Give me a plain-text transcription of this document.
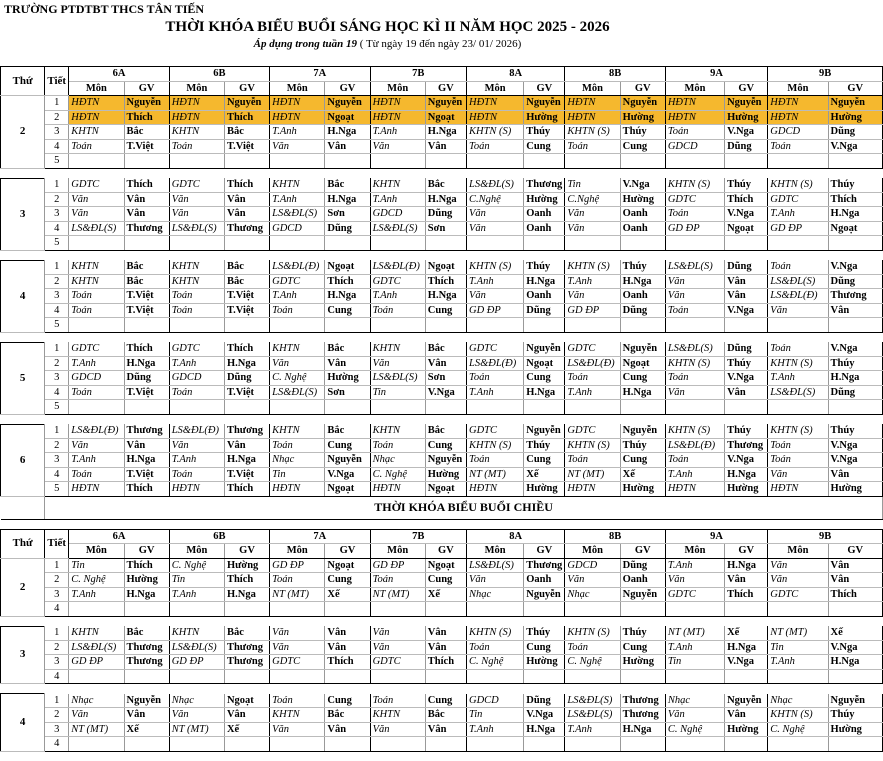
TRƯỜNG PTDTBT THCS TÂN TIẾN
THỜI KHÓA BIỂU BUỔI SÁNG HỌC KÌ II NĂM HỌC 2025 - 2026
Áp dụng trong tuần 19 ( Từ ngày 19 đến ngày 23/ 01/ 2026)
Thứ	Tiết	6A		6B		7A		7B		8A		8B		9A		9B	
		Môn	GV	Môn	GV	Môn	GV	Môn	GV	Môn	GV	Môn	GV	Môn	GV	Môn	GV
2	1	HĐTN	Nguyễn	HĐTN	Nguyễn	HĐTN	Nguyễn	HĐTN	Nguyễn	HĐTN	Nguyễn	HĐTN	Nguyễn	HĐTN	Nguyễn	HĐTN	Nguyễn
	2	HĐTN	Thích	HĐTN	Thích	HĐTN	Ngoạt	HĐTN	Ngoạt	HĐTN	Hường	HĐTN	Hường	HĐTN	Hường	HĐTN	Hường
	3	KHTN	Bắc	KHTN	Bắc	T.Anh	H.Nga	T.Anh	H.Nga	KHTN (S)	Thúy	KHTN (S)	Thúy	Toán	V.Nga	GDCD	Dũng
	4	Toán	T.Việt	Toán	T.Việt	Văn	Vân	Văn	Vân	Toán	Cung	Toán	Cung	GDCD	Dũng	Toán	V.Nga
	5																

3	1	GDTC	Thích	GDTC	Thích	KHTN	Bắc	KHTN	Bắc	LS&ĐL(S)	Thương	Tin	V.Nga	KHTN (S)	Thúy	KHTN (S)	Thúy
	2	Văn	Vân	Văn	Vân	T.Anh	H.Nga	T.Anh	H.Nga	C.Nghệ	Hường	C.Nghệ	Hường	GDTC	Thích	GDTC	Thích
	3	Văn	Vân	Văn	Vân	LS&ĐL(S)	Sơn	GDCD	Dũng	Văn	Oanh	Văn	Oanh	Toán	V.Nga	T.Anh	H.Nga
	4	LS&ĐL(S)	Thương	LS&ĐL(S)	Thương	GDCD	Dũng	LS&ĐL(S)	Sơn	Văn	Oanh	Văn	Oanh	GD ĐP	Ngoạt	GD ĐP	Ngoạt
	5																

4	1	KHTN	Bắc	KHTN	Bắc	LS&ĐL(Đ)	Ngoạt	LS&ĐL(Đ)	Ngoạt	KHTN (S)	Thúy	KHTN (S)	Thúy	LS&ĐL(S)	Dũng	Toán	V.Nga
	2	KHTN	Bắc	KHTN	Bắc	GDTC	Thích	GDTC	Thích	T.Anh	H.Nga	T.Anh	H.Nga	Văn	Vân	LS&ĐL(S)	Dũng
	3	Toán	T.Việt	Toán	T.Việt	T.Anh	H.Nga	T.Anh	H.Nga	Văn	Oanh	Văn	Oanh	Văn	Vân	LS&ĐL(Đ)	Thương
	4	Toán	T.Việt	Toán	T.Việt	Toán	Cung	Toán	Cung	GD ĐP	Dũng	GD ĐP	Dũng	Toán	V.Nga	Văn	Vân
	5																

5	1	GDTC	Thích	GDTC	Thích	KHTN	Bắc	KHTN	Bắc	GDTC	Nguyễn	GDTC	Nguyễn	LS&ĐL(S)	Dũng	Toán	V.Nga
	2	T.Anh	H.Nga	T.Anh	H.Nga	Văn	Vân	Văn	Vân	LS&ĐL(Đ)	Ngoạt	LS&ĐL(Đ)	Ngoạt	KHTN (S)	Thúy	KHTN (S)	Thúy
	3	GDCD	Dũng	GDCD	Dũng	C. Nghệ	Hường	LS&ĐL(S)	Sơn	Toán	Cung	Toán	Cung	Toán	V.Nga	T.Anh	H.Nga
	4	Toán	T.Việt	Toán	T.Việt	LS&ĐL(S)	Sơn	Tin	V.Nga	T.Anh	H.Nga	T.Anh	H.Nga	Văn	Vân	LS&ĐL(S)	Dũng
	5																

6	1	LS&ĐL(Đ)	Thương	LS&ĐL(Đ)	Thương	KHTN	Bắc	KHTN	Bắc	GDTC	Nguyễn	GDTC	Nguyễn	KHTN (S)	Thúy	KHTN (S)	Thúy
	2	Văn	Vân	Văn	Vân	Toán	Cung	Toán	Cung	KHTN (S)	Thúy	KHTN (S)	Thúy	LS&ĐL(Đ)	Thương	Toán	V.Nga
	3	T.Anh	H.Nga	T.Anh	H.Nga	Nhạc	Nguyễn	Nhạc	Nguyễn	Toán	Cung	Toán	Cung	Toán	V.Nga	Toán	V.Nga
	4	Toán	T.Việt	Toán	T.Việt	Tin	V.Nga	C. Nghệ	Hường	NT (MT)	Xế	NT (MT)	Xế	T.Anh	H.Nga	Văn	Vân
	5	HĐTN	Thích	HĐTN	Thích	HĐTN	Ngoạt	HĐTN	Ngoạt	HĐTN	Hường	HĐTN	Hường	HĐTN	Hường	HĐTN	Hường
	THỜI KHÓA BIỂU BUỔI CHIỀU																

Thứ	Tiết	6A		6B		7A		7B		8A		8B		9A		9B	
		Môn	GV	Môn	GV	Môn	GV	Môn	GV	Môn	GV	Môn	GV	Môn	GV	Môn	GV
2	1	Tin	Thích	C. Nghệ	Hường	GD ĐP	Ngoạt	GD ĐP	Ngoạt	LS&ĐL(S)	Thương	GDCD	Dũng	T.Anh	H.Nga	Văn	Vân
	2	C. Nghệ	Hường	Tin	Thích	Toán	Cung	Toán	Cung	Văn	Oanh	Văn	Oanh	Văn	Vân	Văn	Vân
	3	T.Anh	H.Nga	T.Anh	H.Nga	NT (MT)	Xế	NT (MT)	Xế	Nhạc	Nguyễn	Nhạc	Nguyễn	GDTC	Thích	GDTC	Thích
	4																

3	1	KHTN	Bắc	KHTN	Bắc	Văn	Vân	Văn	Vân	KHTN (S)	Thúy	KHTN (S)	Thúy	NT (MT)	Xế	NT (MT)	Xế
	2	LS&ĐL(S)	Thương	LS&ĐL(S)	Thương	Văn	Vân	Văn	Vân	Toán	Cung	Toán	Cung	T.Anh	H.Nga	Tin	V.Nga
	3	GD ĐP	Thương	GD ĐP	Thương	GDTC	Thích	GDTC	Thích	C. Nghệ	Hường	C. Nghệ	Hường	Tin	V.Nga	T.Anh	H.Nga
	4																

4	1	Nhạc	Nguyễn	Nhạc	Ngoạt	Toán	Cung	Toán	Cung	GDCD	Dũng	LS&ĐL(S)	Thương	Nhạc	Nguyễn	Nhạc	Nguyễn
	2	Văn	Vân	Văn	Vân	KHTN	Bắc	KHTN	Bắc	Tin	V.Nga	LS&ĐL(S)	Thương	Văn	Vân	KHTN (S)	Thúy
	3	NT (MT)	Xế	NT (MT)	Xế	Văn	Vân	Văn	Vân	T.Anh	H.Nga	T.Anh	H.Nga	C. Nghệ	Hường	C. Nghệ	Hường
	4																
